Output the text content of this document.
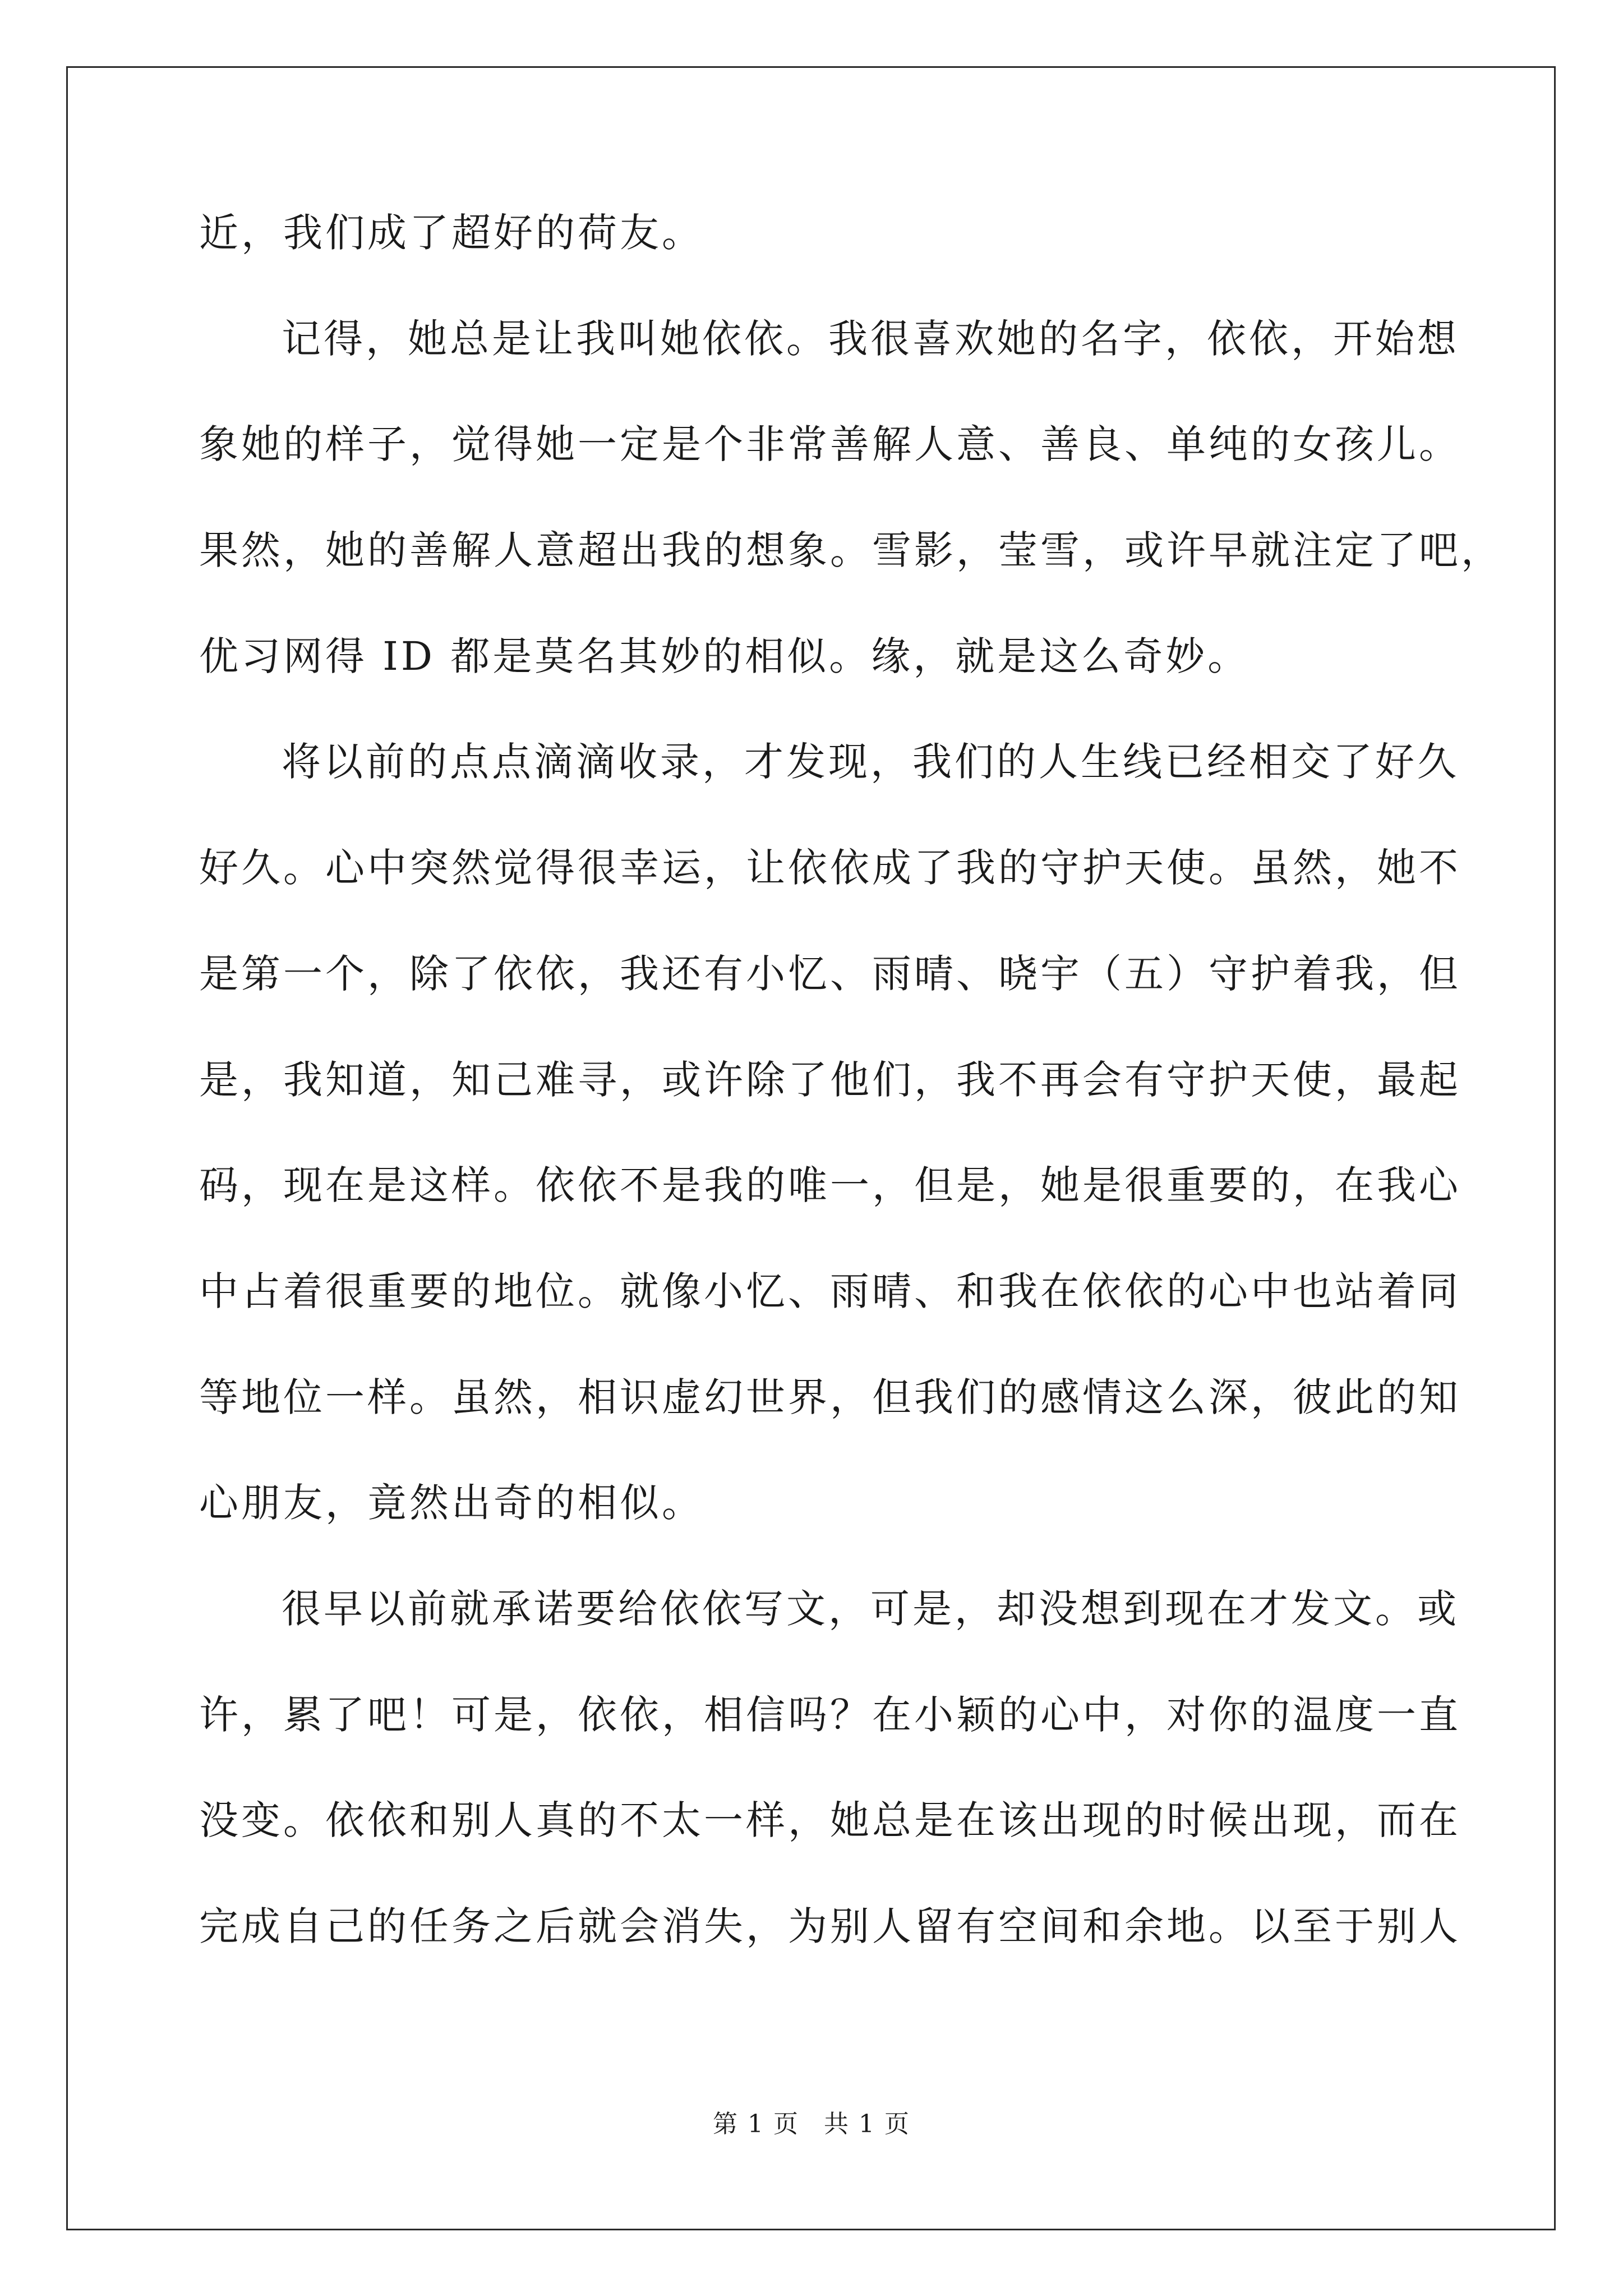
近，我们成了超好的荷友。
记得，她总是让我叫她依依。我很喜欢她的名字，依依，开始想
象她的样子，觉得她一定是个非常善解人意、善良、单纯的女孩儿。
果然，她的善解人意超出我的想象。雪影，莹雪，或许早就注定了吧，
优习网得 ID 都是莫名其妙的相似。缘，就是这么奇妙。
将以前的点点滴滴收录，才发现，我们的人生线已经相交了好久
好久。心中突然觉得很幸运，让依依成了我的守护天使。虽然，她不
是第一个，除了依依，我还有小忆、雨晴、晓宇（五）守护着我，但
是，我知道，知己难寻，或许除了他们，我不再会有守护天使，最起
码，现在是这样。依依不是我的唯一，但是，她是很重要的，在我心
中占着很重要的地位。就像小忆、雨晴、和我在依依的心中也站着同
等地位一样。虽然，相识虚幻世界，但我们的感情这么深，彼此的知
心朋友，竟然出奇的相似。
很早以前就承诺要给依依写文，可是，却没想到现在才发文。或
许，累了吧！可是，依依，相信吗？在小颖的心中，对你的温度一直
没变。依依和别人真的不太一样，她总是在该出现的时候出现，而在
完成自己的任务之后就会消失，为别人留有空间和余地。以至于别人
第 1 页 共 1 页
